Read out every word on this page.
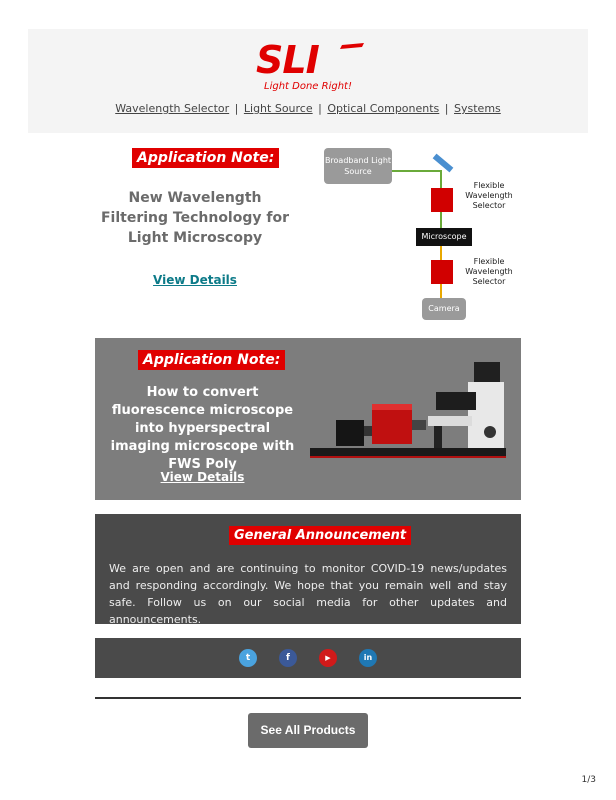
SLI
Light Done Right!
Wavelength Selector | Light Source | Optical Components | Systems
Application Note:
New Wavelength Filtering Technology for Light Microscopy
View Details
Broadband Light Source
Flexible Wavelength Selector
Microscope
Flexible Wavelength Selector
Camera
Application Note:
How to convert fluorescence microscope into hyperspectral imaging microscope with FWS Poly
View Details
General Announcement

We are open and are continuing to monitor COVID-19 news/updates and responding accordingly. We hope that you remain well and stay safe. Follow us on our social media for other updates and announcements.

t	f	▶	in
See All Products
1/3
